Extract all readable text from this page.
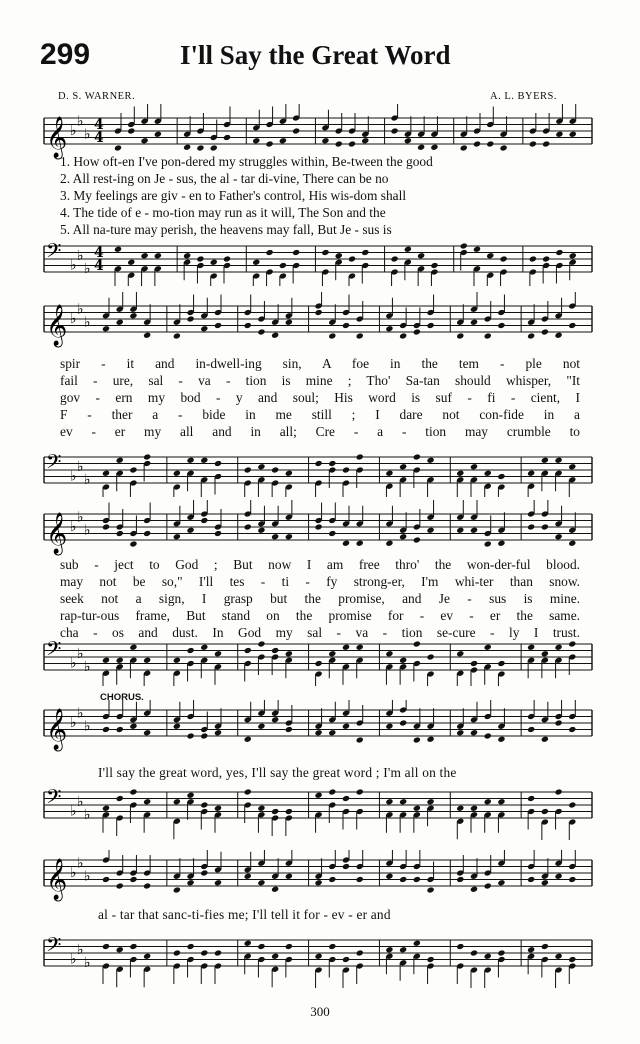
299	I'll Say the Great Word
D. S. WARNER.	A. L. BYERS.
𝄞 ♭
♭
♭
4
4
1. How oft-en I've pon-dered my struggles within, Be-tween the good
2. All rest-ing on Je - sus, the al - tar di-vine, There can be no
3. My feelings are giv - en to Father's control, His wis-dom shall
4. The tide of e - mo-tion may run as it will, The Son and the
5. All na-ture may perish, the heavens may fall, But Je - sus is
𝄢 ♭
♭
♭
4
4
𝄞 ♭
♭
♭
spir - it and in-dwell-ing sin, A foe in the tem - ple not
fail - ure, sal - va - tion is mine ; Tho' Sa-tan should whisper, "It
gov - ern my bod - y and soul; His word is suf - fi - cient, I
F - ther a - bide in me still ; I dare not con-fide in a
ev - er my all and in all; Cre - a - tion may crumble to
𝄢 ♭
♭
♭
𝄞 ♭
♭
♭
sub - ject to God ; But now I am free thro' the won-der-ful blood.
may not be so," I'll tes - ti - fy strong-er, I'm whi-ter than snow.
seek not a sign, I grasp but the promise, and Je - sus is mine.
rap-tur-ous frame, But stand on the promise for - ev - er the same.
cha - os and dust. In God my sal - va - tion se-cure - ly I trust.
𝄢 ♭
♭
♭
CHORUS.
𝄞 ♭
♭
♭
I'll say the great word, yes, I'll say the great word ; I'm all on the
𝄢 ♭
♭
♭
𝄞 ♭
♭
♭
al - tar that sanc-ti-fies me; I'll tell it for - ev - er and
𝄢 ♭
♭
♭
300
